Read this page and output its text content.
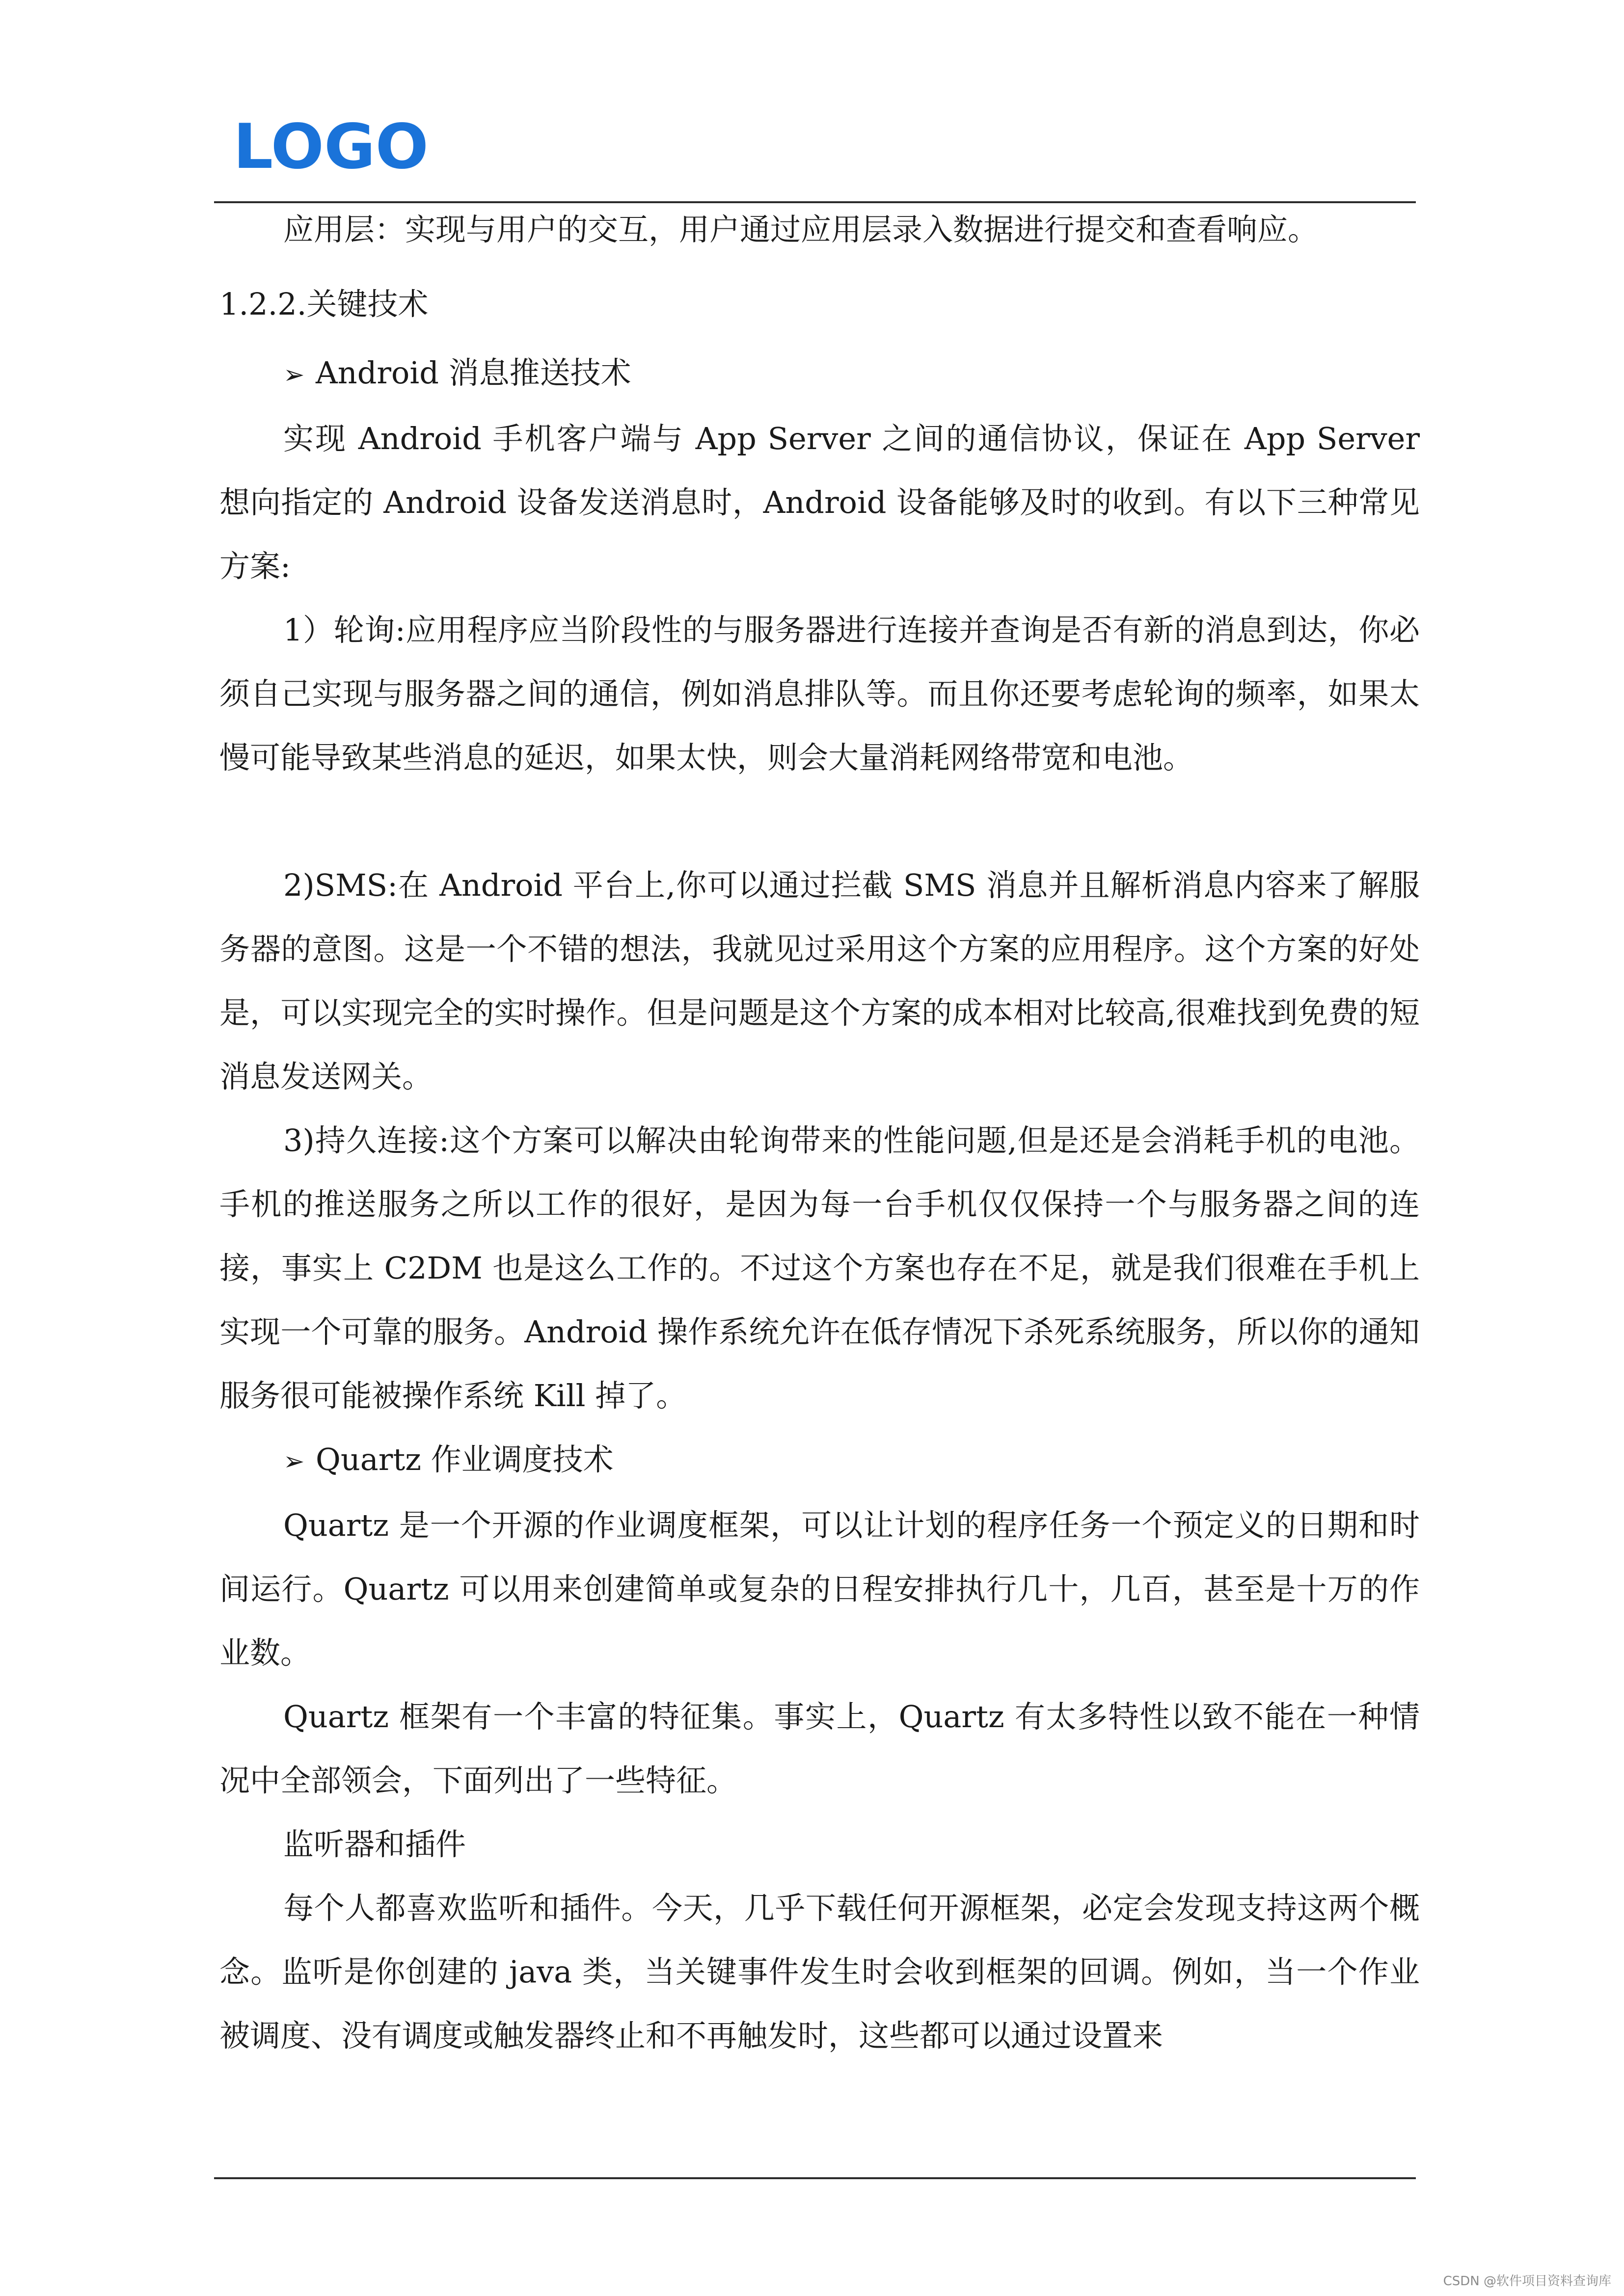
LOGO

应用层：实现与用户的交互，用户通过应用层录入数据进行提交和查看响应。

1.2.2.关键技术

➢ Android 消息推送技术

实现 Android 手机客户端与 App Server 之间的通信协议，保证在 App Server 想向指定的 Android 设备发送消息时，Android 设备能够及时的收到。有以下三种常见方案:

1）轮询:应用程序应当阶段性的与服务器进行连接并查询是否有新的消息到达，你必须自己实现与服务器之间的通信，例如消息排队等。而且你还要考虑轮询的频率，如果太慢可能导致某些消息的延迟，如果太快，则会大量消耗网络带宽和电池。

2)SMS:在 Android 平台上,你可以通过拦截 SMS 消息并且解析消息内容来了解服务器的意图。这是一个不错的想法，我就见过采用这个方案的应用程序。这个方案的好处是，可以实现完全的实时操作。但是问题是这个方案的成本相对比较高,很难找到免费的短消息发送网关。

3)持久连接:这个方案可以解决由轮询带来的性能问题,但是还是会消耗手机的电池。手机的推送服务之所以工作的很好，是因为每一台手机仅仅保持一个与服务器之间的连接，事实上 C2DM 也是这么工作的。不过这个方案也存在不足，就是我们很难在手机上实现一个可靠的服务。Android 操作系统允许在低存情况下杀死系统服务，所以你的通知服务很可能被操作系统 Kill 掉了。

➢ Quartz 作业调度技术

Quartz 是一个开源的作业调度框架，可以让计划的程序任务一个预定义的日期和时间运行。Quartz 可以用来创建简单或复杂的日程安排执行几十，几百，甚至是十万的作业数。

Quartz 框架有一个丰富的特征集。事实上，Quartz 有太多特性以致不能在一种情况中全部领会，下面列出了一些特征。

监听器和插件

每个人都喜欢监听和插件。今天，几乎下载任何开源框架，必定会发现支持这两个概念。监听是你创建的 java 类，当关键事件发生时会收到框架的回调。例如，当一个作业被调度、没有调度或触发器终止和不再触发时，这些都可以通过设置来

CSDN @软件项目资料查询库
